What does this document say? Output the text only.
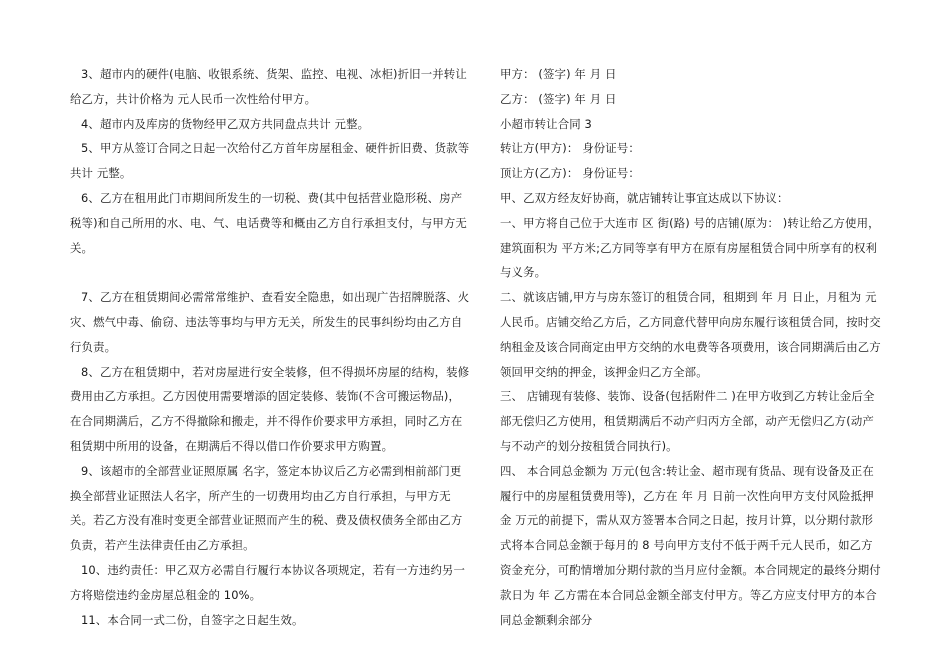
3、超市内的硬件(电脑、收银系统、货架、监控、电视、冰柜)折旧一并转让给乙方，共计价格为 元人民币一次性给付甲方。

4、超市内及库房的货物经甲乙双方共同盘点共计 元整。

5、甲方从签订合同之日起一次给付乙方首年房屋租金、硬件折旧费、货款等共计 元整。

6、乙方在租用此门市期间所发生的一切税、费(其中包括营业隐形税、房产税等)和自己所用的水、电、气、电话费等和概由乙方自行承担支付，与甲方无关。

7、乙方在租赁期间必需常常维护、查看安全隐患，如出现广告招牌脱落、火灾、燃气中毒、偷窃、违法等事均与甲方无关，所发生的民事纠纷均由乙方自行负责。

8、乙方在租赁期中，若对房屋进行安全装修，但不得损坏房屋的结构，装修费用由乙方承担。乙方因使用需要增添的固定装修、装饰(不含可搬运物品)，在合同期满后，乙方不得撤除和搬走，并不得作价要求甲方承担，同时乙方在租赁期中所用的设备，在期满后不得以借口作价要求甲方购置。

9、该超市的全部营业证照原属 名字，签定本协议后乙方必需到相前部门更换全部营业证照法人名字，所产生的一切费用均由乙方自行承担，与甲方无关。若乙方没有准时变更全部营业证照而产生的税、费及债权债务全部由乙方负责，若产生法律责任由乙方承担。

10、违约责任：甲乙双方必需自行履行本协议各项规定，若有一方违约另一方将赔偿违约金房屋总租金的 10%。

11、本合同一式二份，自签字之日起生效。

甲方： (签字) 年 月 日

乙方： (签字) 年 月 日

小超市转让合同 3

转让方(甲方)： 身份证号：

顶让方(乙方)： 身份证号：

甲、乙双方经友好协商，就店铺转让事宜达成以下协议：

一、甲方将自己位于大连市 区 街(路) 号的店铺(原为： )转让给乙方使用，建筑面积为 平方米;乙方同等享有甲方在原有房屋租赁合同中所享有的权利与义务。

二、就该店铺,甲方与房东签订的租赁合同，租期到 年 月 日止，月租为 元人民币。店铺交给乙方后，乙方同意代替甲向房东履行该租赁合同，按时交纳租金及该合同商定由甲方交纳的水电费等各项费用，该合同期满后由乙方领回甲交纳的押金，该押金归乙方全部。

三、 店铺现有装修、装饰、设备(包括附件二 )在甲方收到乙方转让金后全部无偿归乙方使用，租赁期满后不动产归丙方全部，动产无偿归乙方(动产与不动产的划分按租赁合同执行)。

四、 本合同总金额为 万元(包含:转让金、超市现有货品、现有设备及正在履行中的房屋租赁费用等)，乙方在 年 月 日前一次性向甲方支付风险抵押金 万元的前提下，需从双方签署本合同之日起，按月计算，以分期付款形式将本合同总金额于每月的 8 号向甲方支付不低于两千元人民币，如乙方资金充分，可酌情增加分期付款的当月应付金额。本合同规定的最终分期付款日为 年 乙方需在本合同总金额全部支付甲方。等乙方应支付甲方的本合同总金额剩余部分
